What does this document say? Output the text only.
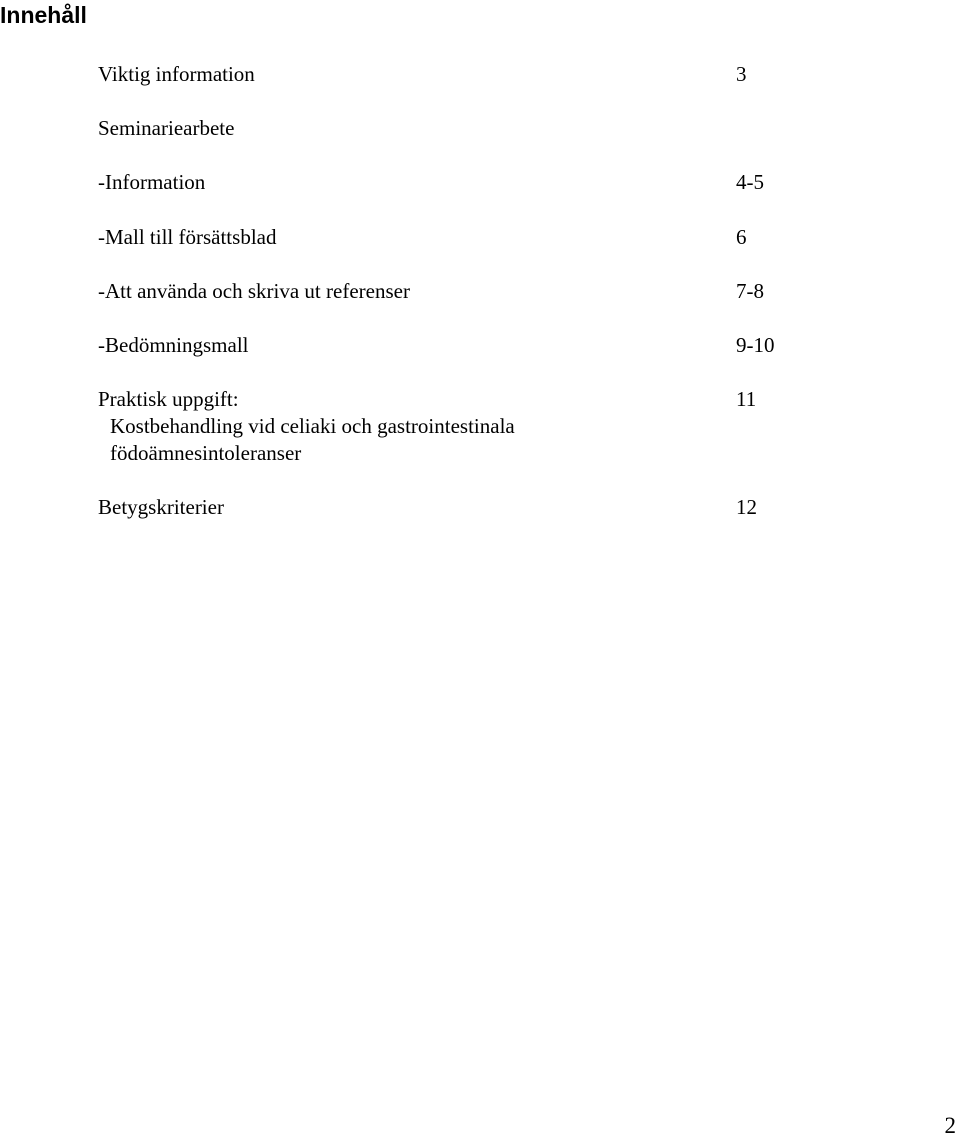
Innehåll
Viktig information	3
Seminariearbete
-Information	4-5
-Mall till försättsblad	6
-Att använda och skriva ut referenser	7-8
-Bedömningsmall	9-10
Praktisk uppgift:	11
Kostbehandling vid celiaki och gastrointestinala
födoämnesintoleranser
Betygskriterier	12
2
